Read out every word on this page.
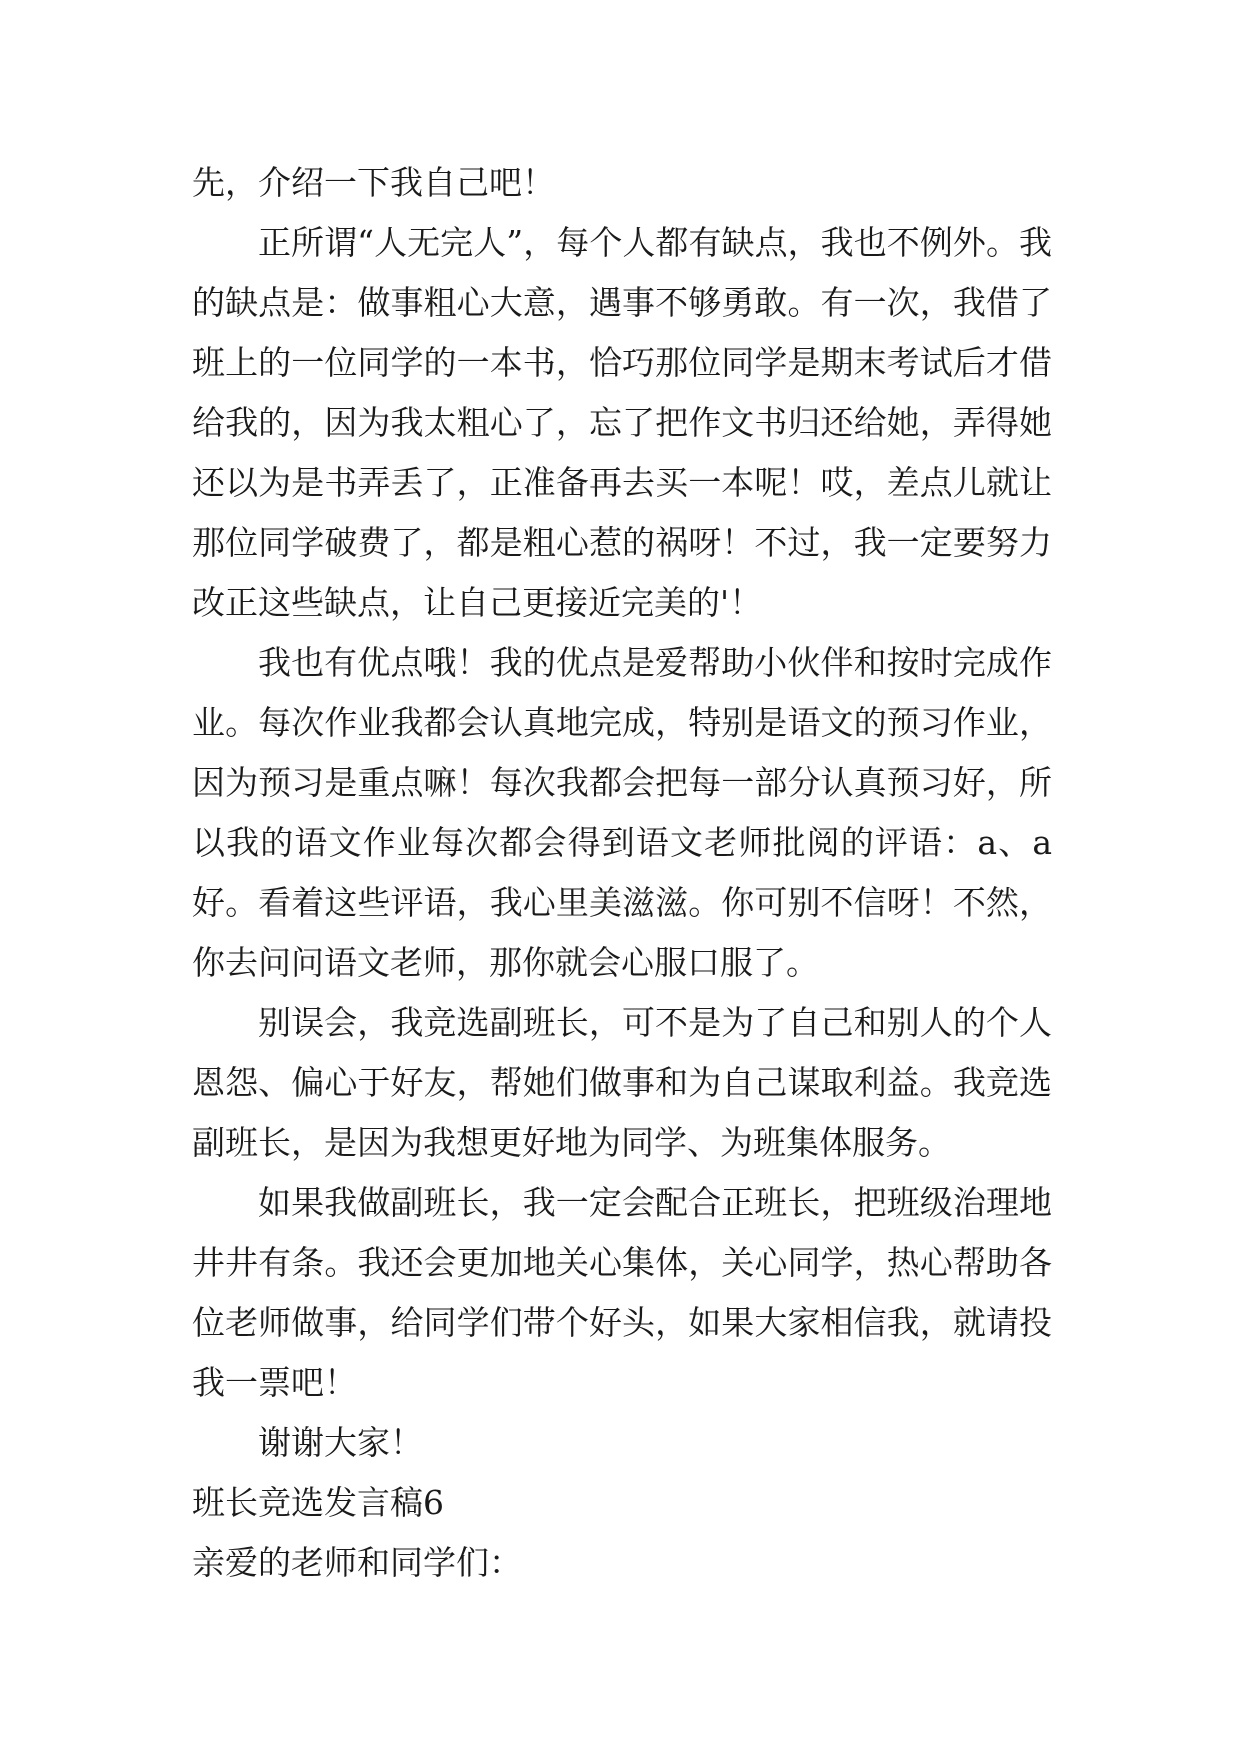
先，介绍一下我自己吧！

正所谓“人无完人”，每个人都有缺点，我也不例外。我的缺点是：做事粗心大意，遇事不够勇敢。有一次，我借了班上的一位同学的一本书，恰巧那位同学是期末考试后才借给我的，因为我太粗心了，忘了把作文书归还给她，弄得她还以为是书弄丢了，正准备再去买一本呢！哎，差点儿就让那位同学破费了，都是粗心惹的祸呀！不过，我一定要努力改正这些缺点，让自己更接近完美的'！

我也有优点哦！我的优点是爱帮助小伙伴和按时完成作业。每次作业我都会认真地完成，特别是语文的预习作业，因为预习是重点嘛！每次我都会把每一部分认真预习好，所以我的语文作业每次都会得到语文老师批阅的评语：a、a好。看着这些评语，我心里美滋滋。你可别不信呀！不然，你去问问语文老师，那你就会心服口服了。

别误会，我竞选副班长，可不是为了自己和别人的个人恩怨、偏心于好友，帮她们做事和为自己谋取利益。我竞选副班长，是因为我想更好地为同学、为班集体服务。

如果我做副班长，我一定会配合正班长，把班级治理地井井有条。我还会更加地关心集体，关心同学，热心帮助各位老师做事，给同学们带个好头，如果大家相信我，就请投我一票吧！

谢谢大家！

班长竞选发言稿6

亲爱的老师和同学们：
